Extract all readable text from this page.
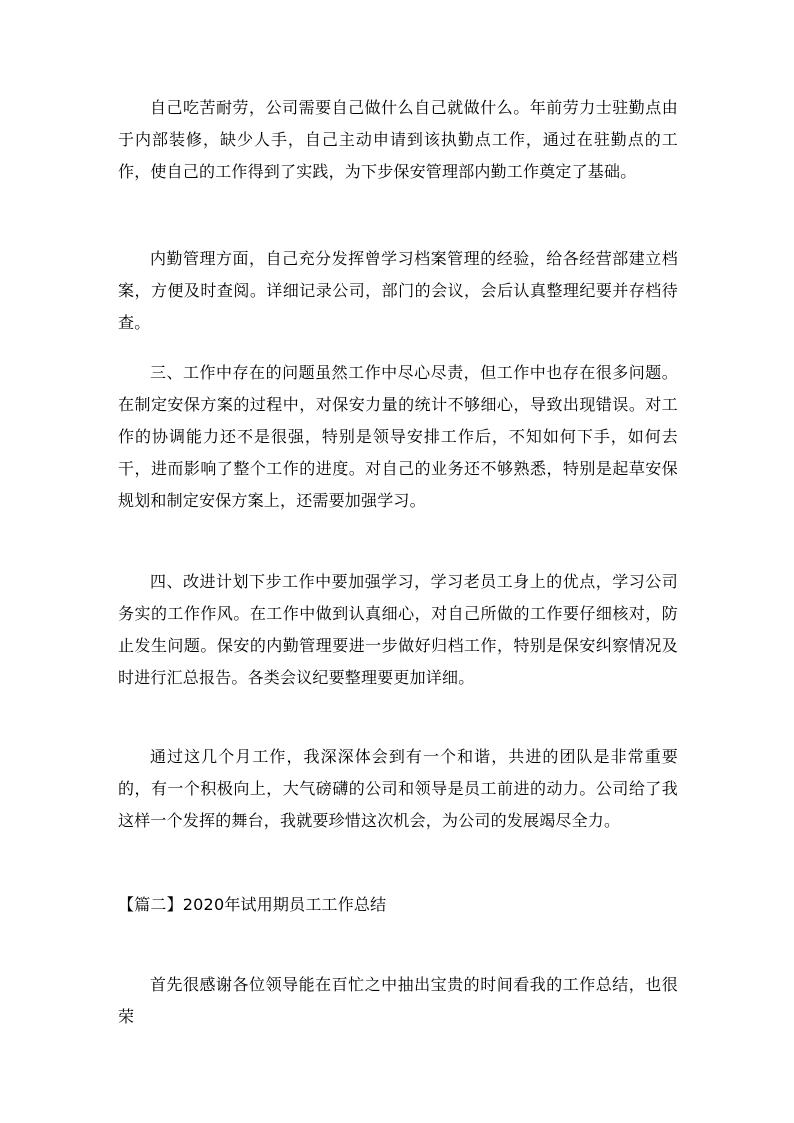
自己吃苦耐劳，公司需要自己做什么自己就做什么。年前劳力士驻勤点由于内部装修，缺少人手，自己主动申请到该执勤点工作，通过在驻勤点的工作，使自己的工作得到了实践，为下步保安管理部内勤工作奠定了基础。

内勤管理方面，自己充分发挥曾学习档案管理的经验，给各经营部建立档案，方便及时查阅。详细记录公司，部门的会议，会后认真整理纪要并存档待查。

三、工作中存在的问题虽然工作中尽心尽责，但工作中也存在很多问题。在制定安保方案的过程中，对保安力量的统计不够细心，导致出现错误。对工作的协调能力还不是很强，特别是领导安排工作后，不知如何下手，如何去干，进而影响了整个工作的进度。对自己的业务还不够熟悉，特别是起草安保规划和制定安保方案上，还需要加强学习。

四、改进计划下步工作中要加强学习，学习老员工身上的优点，学习公司务实的工作作风。在工作中做到认真细心，对自己所做的工作要仔细核对，防止发生问题。保安的内勤管理要进一步做好归档工作，特别是保安纠察情况及时进行汇总报告。各类会议纪要整理要更加详细。

通过这几个月工作，我深深体会到有一个和谐，共进的团队是非常重要的，有一个积极向上，大气磅礴的公司和领导是员工前进的动力。公司给了我这样一个发挥的舞台，我就要珍惜这次机会，为公司的发展竭尽全力。

【篇二】2020年试用期员工工作总结

首先很感谢各位领导能在百忙之中抽出宝贵的时间看我的工作总结，也很荣
